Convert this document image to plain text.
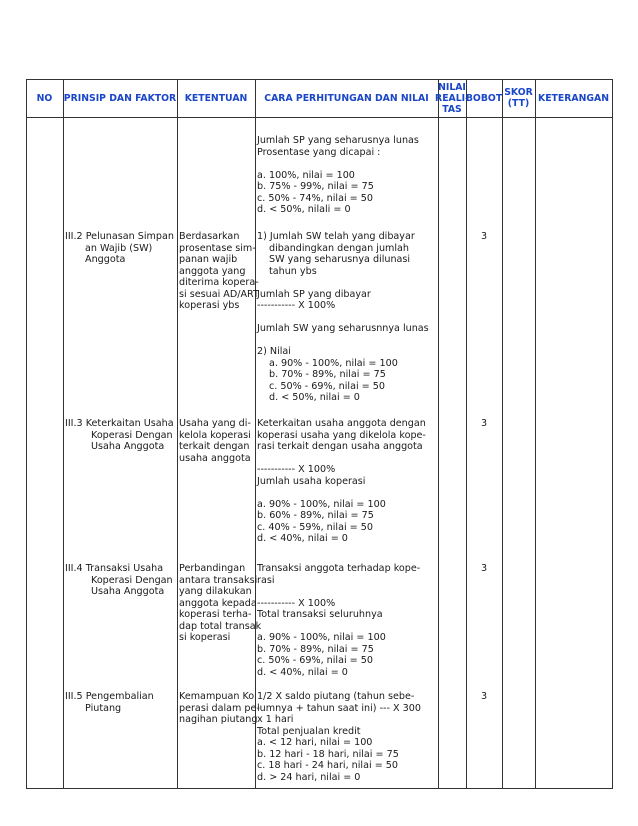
NO	PRINSIP DAN FAKTOR KETENTUAN	CARA PERHITUNGAN DAN NILAI
NILAI
REALI-
TAS
BOBOT SKOR
(TT) KETERANGAN
Jumlah SP yang seharusnya lunas
Prosentase yang dicapai :
a. 100%, nilai = 100
b. 75% - 99%, nilai = 75
c. 50% - 74%, nilai = 50
d. < 50%, nilali = 0
III.2 Pelunasan Simpan
an Wajib (SW)
Anggota
Berdasarkan
prosentase sim-
panan wajib
anggota yang
diterima kopera-
si sesuai AD/ART
koperasi ybs
1) Jumlah SW telah yang dibayar
dibandingkan dengan jumlah
SW yang seharusnya dilunasi
tahun ybs
Jumlah SP yang dibayar
----------- X 100%
Jumlah SW yang seharusnnya lunas
2) Nilai
a. 90% - 100%, nilai = 100
b. 70% - 89%, nilai = 75
c. 50% - 69%, nilai = 50
d. < 50%, nilai = 0
3
III.3 Keterkaitan Usaha
Koperasi Dengan
Usaha Anggota
Usaha yang di-
kelola koperasi
terkait dengan
usaha anggota
Keterkaitan usaha anggota dengan
koperasi usaha yang dikelola kope-
rasi terkait dengan usaha anggota
----------- X 100%
Jumlah usaha koperasi
a. 90% - 100%, nilai = 100
b. 60% - 89%, nilai = 75
c. 40% - 59%, nilai = 50
d. < 40%, nilai = 0
3
III.4 Transaksi Usaha
Koperasi Dengan
Usaha Anggota
Perbandingan
antara transaksi
yang dilakukan
anggota kepada
koperasi terha-
dap total transak
si koperasi
Transaksi anggota terhadap kope-
rasi
----------- X 100%
Total transaksi seluruhnya
a. 90% - 100%, nilai = 100
b. 70% - 89%, nilai = 75
c. 50% - 69%, nilai = 50
d. < 40%, nilai = 0
3
III.5 Pengembalian
Piutang
Kemampuan Ko
perasi dalam pe-
nagihan piutang
1/2 X saldo piutang (tahun sebe-
lumnya + tahun saat ini) --- X 300
x 1 hari
Total penjualan kredit
a. < 12 hari, nilai = 100
b. 12 hari - 18 hari, nilai = 75
c. 18 hari - 24 hari, nilai = 50
d. > 24 hari, nilai = 0
3
